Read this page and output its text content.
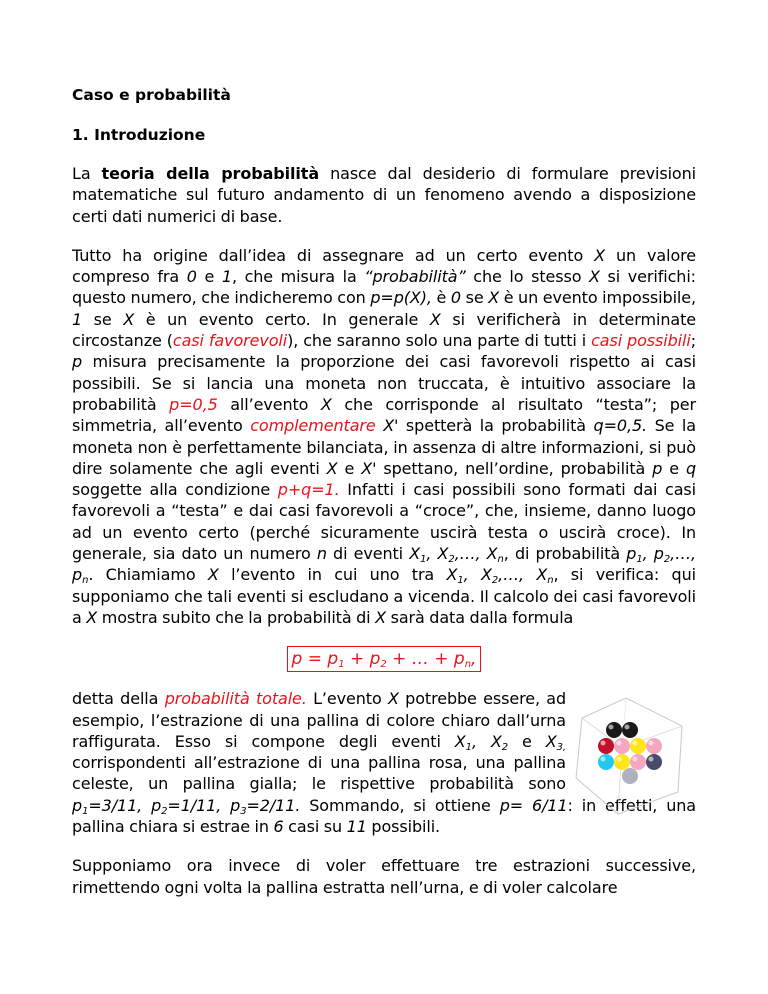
Caso e probabilità

1. Introduzione

La teoria della probabilità nasce dal desiderio di formulare previsioni matematiche sul futuro andamento di un fenomeno avendo a disposizione certi dati numerici di base.

Tutto ha origine dall’idea di assegnare ad un certo evento X un valore compreso fra 0 e 1, che misura la “probabilità” che lo stesso X si verifichi: questo numero, che indicheremo con p=p(X), è 0 se X è un evento impossibile, 1 se X è un evento certo. In generale X si verificherà in determinate circostanze (casi favorevoli), che saranno solo una parte di tutti i casi possibili; p misura precisamente la proporzione dei casi favorevoli rispetto ai casi possibili. Se si lancia una moneta non truccata, è intuitivo associare la probabilità p=0,5 all’evento X che corrisponde al risultato “testa”; per simmetria, all’evento complementare X' spetterà la probabilità q=0,5. Se la moneta non è perfettamente bilanciata, in assenza di altre informazioni, si può dire solamente che agli eventi X e X' spettano, nell’ordine, probabilità p e q soggette alla condizione p+q=1. Infatti i casi possibili sono formati dai casi favorevoli a “testa” e dai casi favorevoli a “croce”, che, insieme, danno luogo ad un evento certo (perché sicuramente uscirà testa o uscirà croce). In generale, sia dato un numero n di eventi $X_1$, $X_2,\dots$, $X_n$, di probabilità $p_1$, $p_2,\dots$, $p_n$. Chiamiamo X l’evento in cui uno tra $X_1$, $X_2,\dots$, $X_n$, si verifica: qui supponiamo che tali eventi si escludano a vicenda. Il calcolo dei casi favorevoli a X mostra subito che la probabilità di X sarà data dalla formula

$p = p_1 + p_2$ + … + $p_n$,

detta della probabilità totale. L’evento X potrebbe essere, ad esempio, l’estrazione di una pallina di colore chiaro dall’urna raffigurata. Esso si compone degli eventi $X_1$, $X_2$ e $X_{3,}$ corrispondenti all’estrazione di una pallina rosa, una pallina celeste, un pallina gialla; le rispettive probabilità sono $p_1=3/11$, $p_2=1/11$, $p_3=2/11$. Sommando, si ottiene p= 6/11: in effetti, una pallina chiara si estrae in 6 casi su 11 possibili.

Supponiamo ora invece di voler effettuare tre estrazioni successive, rimettendo ogni volta la pallina estratta nell’urna, e di voler calcolare
